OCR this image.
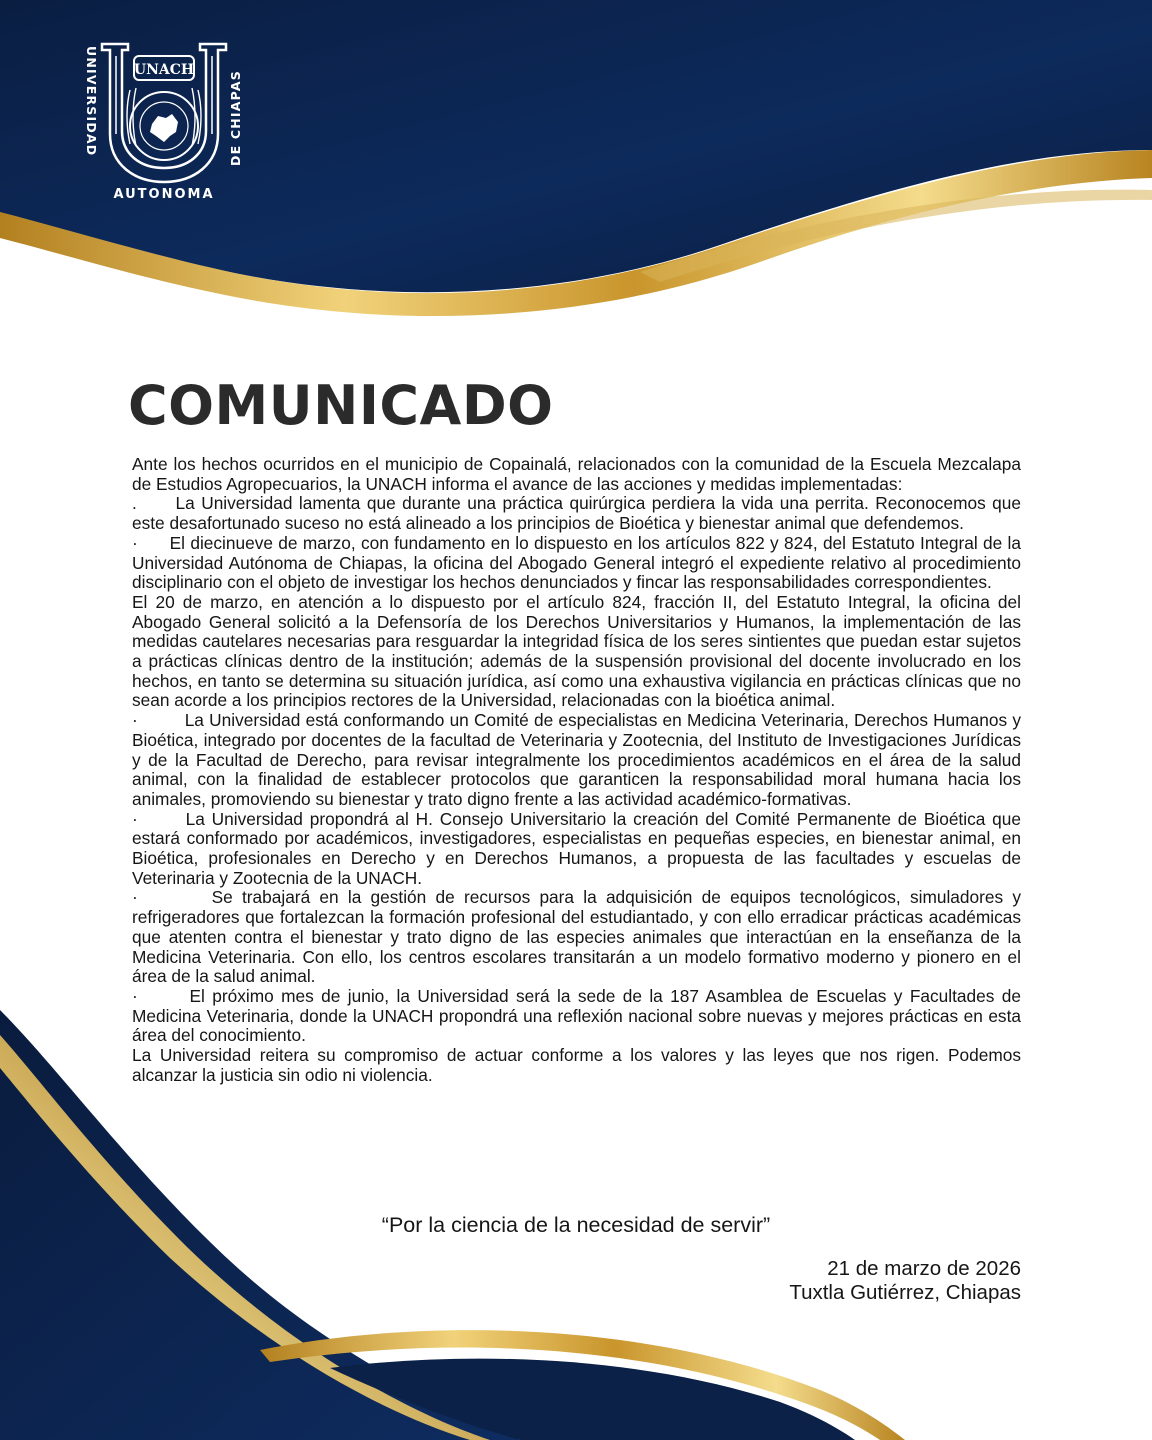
UNIVERSIDAD	DE CHIAPAS
UNACH
AUTONOMA
COMUNICADO

Ante los hechos ocurridos en el municipio de Copainalá, relacionados con la comunidad de la Escuela Mezcalapa de Estudios Agropecuarios, la UNACH informa el avance de las acciones y medidas implementadas:

.      La Universidad lamenta que durante una práctica quirúrgica perdiera la vida una perrita. Reconocemos que este desafortunado suceso no está alineado a los principios de Bioética y bienestar animal que defendemos.

·      El diecinueve de marzo, con fundamento en lo dispuesto en los artículos 822 y 824, del Estatuto Integral de la Universidad Autónoma de Chiapas, la oficina del Abogado General integró el expediente relativo al procedimiento disciplinario con el objeto de investigar los hechos denunciados y fincar las responsabilidades correspondientes.

El 20 de marzo, en atención a lo dispuesto por el artículo 824, fracción II, del Estatuto Integral, la oficina del Abogado General solicitó a la Defensoría de los Derechos Universitarios y Humanos, la implementación de las medidas cautelares necesarias para resguardar la integridad física de los seres sintientes que puedan estar sujetos a prácticas clínicas dentro de la institución; además de la suspensión provisional del docente involucrado en los hechos, en tanto se determina su situación jurídica, así como una exhaustiva vigilancia en prácticas clínicas que no sean acorde a los principios rectores de la Universidad, relacionadas con la bioética animal.

·         La Universidad está conformando un Comité de especialistas en Medicina Veterinaria, Derechos Humanos y Bioética, integrado por docentes de la facultad de Veterinaria y Zootecnia, del Instituto de Investigaciones Jurídicas y de la Facultad de Derecho, para revisar integralmente los procedimientos académicos en el área de la salud animal, con la finalidad de establecer protocolos que garanticen la responsabilidad moral humana hacia los animales, promoviendo su bienestar y trato digno frente a las actividad académico-formativas.

·       La Universidad propondrá al H. Consejo Universitario la creación del Comité Permanente de Bioética que estará conformado por académicos, investigadores, especialistas en pequeñas especies, en bienestar animal, en Bioética, profesionales en Derecho y en Derechos Humanos, a propuesta de las facultades y escuelas de Veterinaria y Zootecnia de la UNACH.

·        Se trabajará en la gestión de recursos para la adquisición de equipos tecnológicos, simuladores y refrigeradores que fortalezcan la formación profesional del estudiantado, y con ello erradicar prácticas académicas que atenten contra el bienestar y trato digno de las especies animales que interactúan en la enseñanza de la Medicina Veterinaria. Con ello, los centros escolares transitarán a un modelo formativo moderno y pionero en el área de la salud animal.

·       El próximo mes de junio, la Universidad será la sede de la 187 Asamblea de Escuelas y Facultades de Medicina Veterinaria, donde la UNACH propondrá una reflexión nacional sobre nuevas y mejores prácticas en esta área del conocimiento.

La Universidad reitera su compromiso de actuar conforme a los valores y las leyes que nos rigen. Podemos alcanzar la justicia sin odio ni violencia.

“Por la ciencia de la necesidad de servir”
21 de marzo de 2026
Tuxtla Gutiérrez, Chiapas
